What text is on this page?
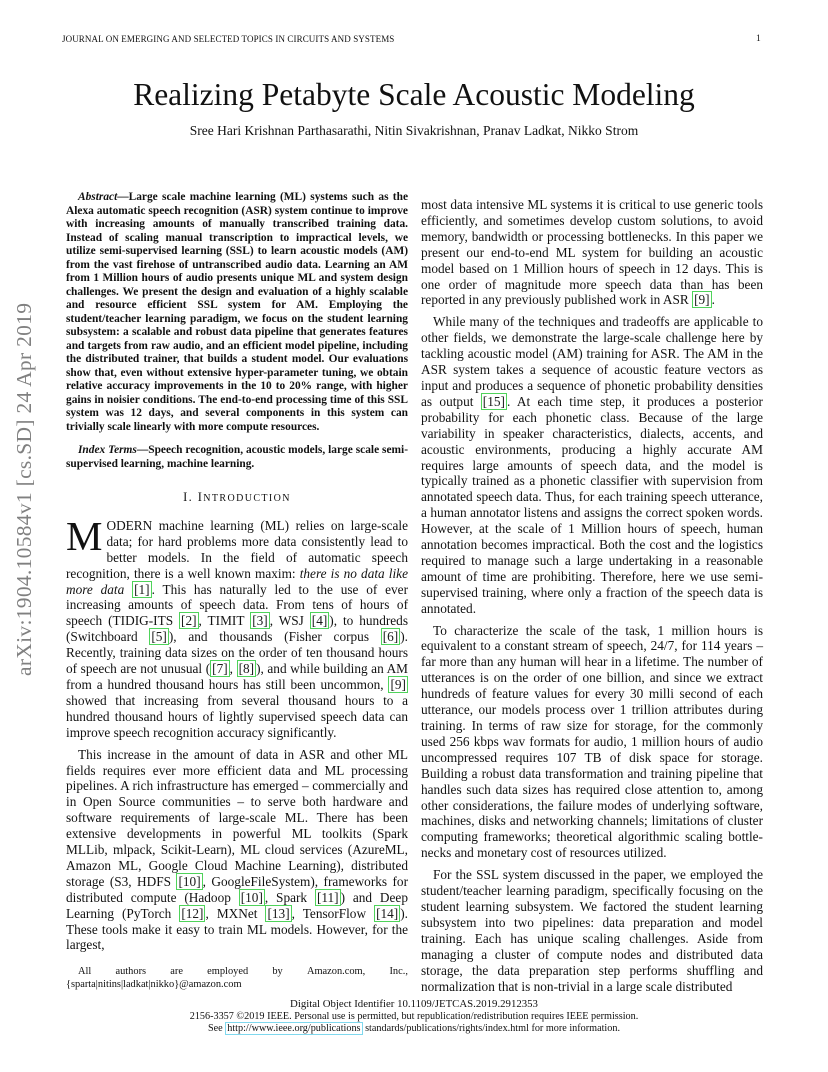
JOURNAL ON EMERGING AND SELECTED TOPICS IN CIRCUITS AND SYSTEMS	1
arXiv:1904.10584v1 [cs.SD] 24 Apr 2019
Realizing Petabyte Scale Acoustic Modeling
Sree Hari Krishnan Parthasarathi, Nitin Sivakrishnan, Pranav Ladkat, Nikko Strom

Abstract—Large scale machine learning (ML) systems such as the Alexa automatic speech recognition (ASR) system continue to improve with increasing amounts of manually transcribed training data. Instead of scaling manual transcription to impractical levels, we utilize semi-supervised learning (SSL) to learn acoustic models (AM) from the vast firehose of untranscribed audio data. Learning an AM from 1 Million hours of audio presents unique ML and system design challenges. We present the design and evaluation of a highly scalable and resource efficient SSL system for AM. Employing the student/teacher learning paradigm, we focus on the student learning subsystem: a scalable and robust data pipeline that generates features and targets from raw audio, and an efficient model pipeline, including the distributed trainer, that builds a student model. Our evaluations show that, even without extensive hyper-parameter tuning, we obtain relative accuracy improvements in the 10 to 20% range, with higher gains in noisier conditions. The end-to-end processing time of this SSL system was 12 days, and several components in this system can trivially scale linearly with more compute resources.

Index Terms—Speech recognition, acoustic models, large scale semi-supervised learning, machine learning.

I. INTRODUCTION

MODERN machine learning (ML) relies on large-scale data; for hard problems more data consistently lead to better models. In the field of automatic speech recognition, there is a well known maxim: there is no data like more data [1] . This has naturally led to the use of ever increasing amounts of speech data. From tens of hours of speech (TIDIG-ITS [2] , TIMIT [3] , WSJ [4] ), to hundreds (Switchboard [5] ), and thousands (Fisher corpus [6] ). Recently, training data sizes on the order of ten thousand hours of speech are not unusual ( [7] , [8] ), and while building an AM from a hundred thousand hours has still been uncommon, [9] showed that increasing from several thousand hours to a hundred thousand hours of lightly supervised speech data can improve speech recognition accuracy significantly.

This increase in the amount of data in ASR and other ML fields requires ever more efficient data and ML processing pipelines. A rich infrastructure has emerged – commercially and in Open Source communities – to serve both hardware and software requirements of large-scale ML. There has been extensive developments in powerful ML toolkits (Spark MLLib, mlpack, Scikit-Learn), ML cloud services (AzureML, Amazon ML, Google Cloud Machine Learning), distributed storage (S3, HDFS [10] , GoogleFileSystem), frameworks for distributed compute (Hadoop [10] , Spark [11] ) and Deep Learning (PyTorch [12] , MXNet [13] , TensorFlow [14] ). These tools make it easy to train ML models. However, for the largest,

most data intensive ML systems it is critical to use generic tools efficiently, and sometimes develop custom solutions, to avoid memory, bandwidth or processing bottlenecks. In this paper we present our end-to-end ML system for building an acoustic model based on 1 Million hours of speech in 12 days. This is one order of magnitude more speech data than has been reported in any previously published work in ASR [9] .

While many of the techniques and tradeoffs are applicable to other fields, we demonstrate the large-scale challenge here by tackling acoustic model (AM) training for ASR. The AM in the ASR system takes a sequence of acoustic feature vectors as input and produces a sequence of phonetic probability densities as output [15] . At each time step, it produces a posterior probability for each phonetic class. Because of the large variability in speaker characteristics, dialects, accents, and acoustic environments, producing a highly accurate AM requires large amounts of speech data, and the model is typically trained as a phonetic classifier with supervision from annotated speech data. Thus, for each training speech utterance, a human annotator listens and assigns the correct spoken words. However, at the scale of 1 Million hours of speech, human annotation becomes impractical. Both the cost and the logistics required to manage such a large undertaking in a reasonable amount of time are prohibiting. Therefore, here we use semi-supervised training, where only a fraction of the speech data is annotated.

To characterize the scale of the task, 1 million hours is equivalent to a constant stream of speech, 24/7, for 114 years – far more than any human will hear in a lifetime. The number of utterances is on the order of one billion, and since we extract hundreds of feature values for every 30 milli second of each utterance, our models process over 1 trillion attributes during training. In terms of raw size for storage, for the commonly used 256 kbps wav formats for audio, 1 million hours of audio uncompressed requires 107 TB of disk space for storage. Building a robust data transformation and training pipeline that handles such data sizes has required close attention to, among other considerations, the failure modes of underlying software, machines, disks and networking channels; limitations of cluster computing frameworks; theoretical algorithmic scaling bottle-necks and monetary cost of resources utilized.

For the SSL system discussed in the paper, we employed the student/teacher learning paradigm, specifically focusing on the student learning subsystem. We factored the student learning subsystem into two pipelines: data preparation and model training. Each has unique scaling challenges. Aside from managing a cluster of compute nodes and distributed data storage, the data preparation step performs shuffling and normalization that is non-trivial in a large scale distributed

All authors are employed by Amazon.com, Inc.,
{sparta|nitins|ladkat|nikko}@amazon.com
Digital Object Identifier 10.1109/JETCAS.2019.2912353
2156-3357 ©2019 IEEE. Personal use is permitted, but republication/redistribution requires IEEE permission.
See http://www.ieee.org/publications standards/publications/rights/index.html for more information.
